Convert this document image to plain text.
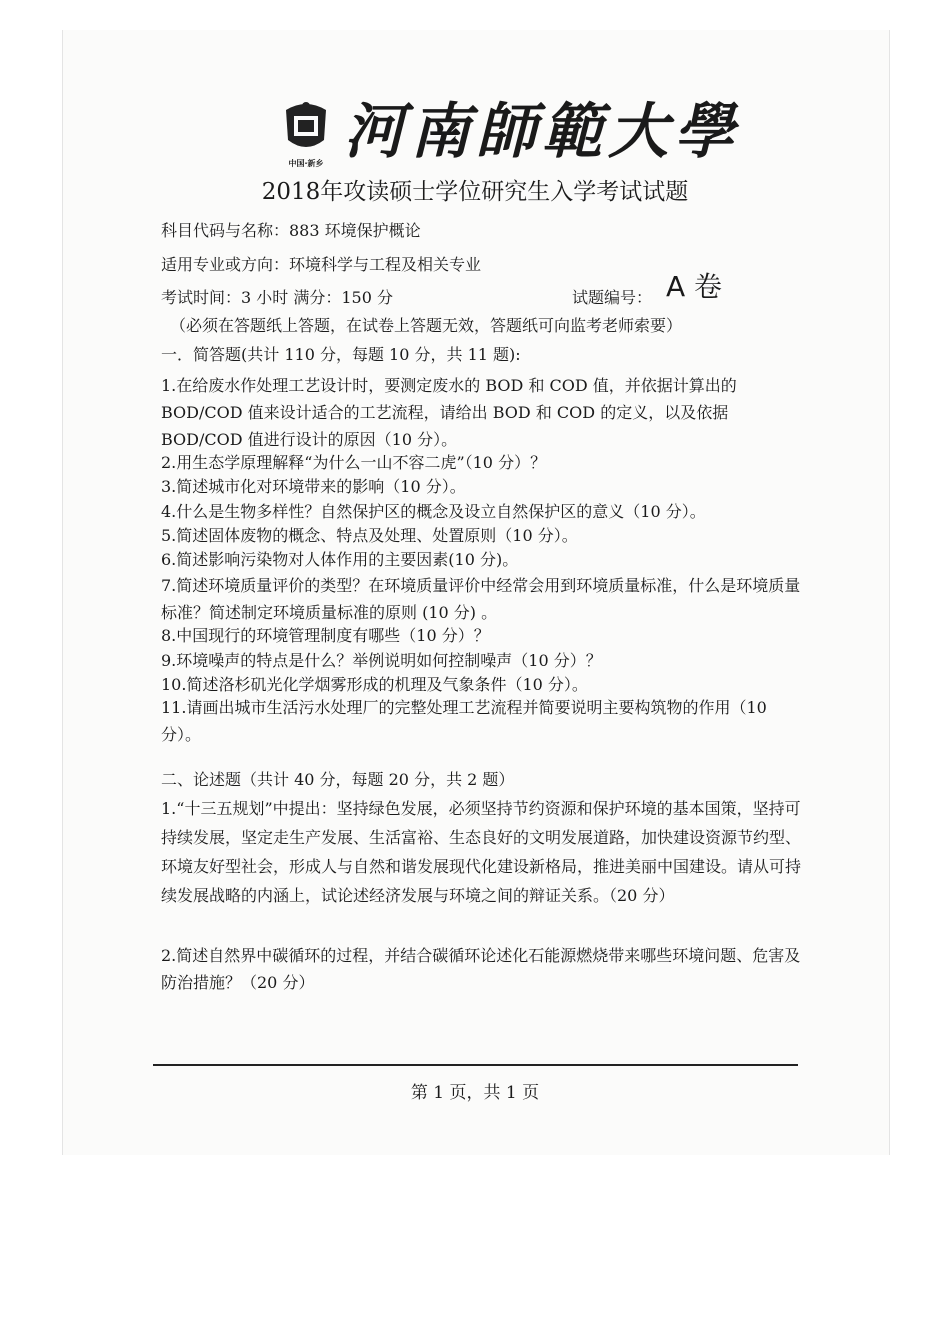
中国·新乡 河南師範大學
2018年攻读硕士学位研究生入学考试试题
科目代码与名称：883 环境保护概论
适用专业或方向：环境科学与工程及相关专业
考试时间：3 小时 满分：150 分	试题编号： A 卷
（必须在答题纸上答题，在试卷上答题无效，答题纸可向监考老师索要）
一．简答题(共计 110 分，每题 10 分，共 11 题):
1.在给废水作处理工艺设计时，要测定废水的 BOD 和 COD 值，并依据计算出的 BOD/COD 值来设计适合的工艺流程，请给出 BOD 和 COD 的定义，以及依据 BOD/COD 值进行设计的原因（10 分）。
2.用生态学原理解释“为什么一山不容二虎”（10 分）？
3.简述城市化对环境带来的影响（10 分）。
4.什么是生物多样性？自然保护区的概念及设立自然保护区的意义（10 分）。
5.简述固体废物的概念、特点及处理、处置原则（10 分）。
6.简述影响污染物对人体作用的主要因素(10 分)。
7.简述环境质量评价的类型？在环境质量评价中经常会用到环境质量标准，什么是环境质量标准？简述制定环境质量标准的原则 (10 分) 。
8.中国现行的环境管理制度有哪些（10 分）？
9.环境噪声的特点是什么？举例说明如何控制噪声（10 分）？
10.简述洛杉矶光化学烟雾形成的机理及气象条件（10 分）。
11.请画出城市生活污水处理厂的完整处理工艺流程并简要说明主要构筑物的作用（10 分）。
二、论述题（共计 40 分，每题 20 分，共 2 题）
1.“十三五规划”中提出：坚持绿色发展，必须坚持节约资源和保护环境的基本国策，坚持可持续发展，坚定走生产发展、生活富裕、生态良好的文明发展道路，加快建设资源节约型、环境友好型社会，形成人与自然和谐发展现代化建设新格局，推进美丽中国建设。请从可持续发展战略的内涵上，试论述经济发展与环境之间的辩证关系。（20 分）
2.简述自然界中碳循环的过程，并结合碳循环论述化石能源燃烧带来哪些环境问题、危害及防治措施？（20 分）
第 1 页，共 1 页
